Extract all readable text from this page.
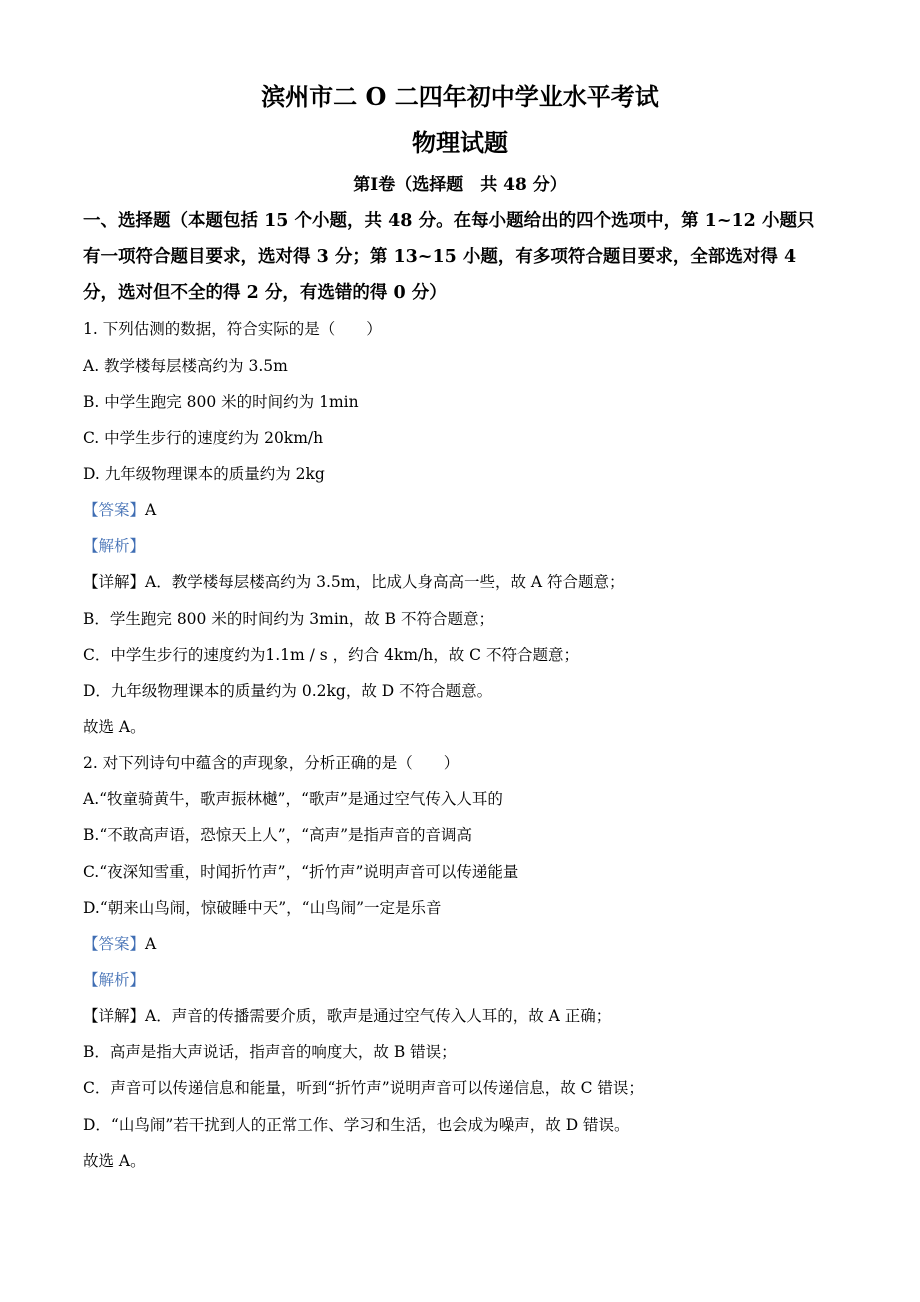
滨州市二 O 二四年初中学业水平考试
物理试题
第Ⅰ卷（选择题　共 48 分）
一、选择题（本题包括 15 个小题，共 48 分。在每小题给出的四个选项中，第 1~12 小题只
有一项符合题目要求，选对得 3 分；第 13~15 小题，有多项符合题目要求，全部选对得 4
分，选对但不全的得 2 分，有选错的得 0 分）
1. 下列估测的数据，符合实际的是（　　）
A. 教学楼每层楼高约为 3.5m
B. 中学生跑完 800 米的时间约为 1min
C. 中学生步行的速度约为 20km/h
D. 九年级物理课本的质量约为 2kg
【答案】A
【解析】
【详解】A．教学楼每层楼高约为 3.5m，比成人身高高一些，故 A 符合题意；
B．学生跑完 800 米的时间约为 3min，故 B 不符合题意；
C．中学生步行的速度约为1.1m / s ，约合 4km/h，故 C 不符合题意；
D．九年级物理课本的质量约为 0.2kg，故 D 不符合题意。
故选 A。
2. 对下列诗句中蕴含的声现象，分析正确的是（　　）
A.“牧童骑黄牛，歌声振林樾”，“歌声”是通过空气传入人耳的
B.“不敢高声语，恐惊天上人”，“高声”是指声音的音调高
C.“夜深知雪重，时闻折竹声”，“折竹声”说明声音可以传递能量
D.“朝来山鸟闹，惊破睡中天”，“山鸟闹”一定是乐音
【答案】A
【解析】
【详解】A．声音的传播需要介质，歌声是通过空气传入人耳的，故 A 正确；
B．高声是指大声说话，指声音的响度大，故 B 错误；
C．声音可以传递信息和能量，听到“折竹声”说明声音可以传递信息，故 C 错误；
D．“山鸟闹”若干扰到人的正常工作、学习和生活，也会成为噪声，故 D 错误。
故选 A。
